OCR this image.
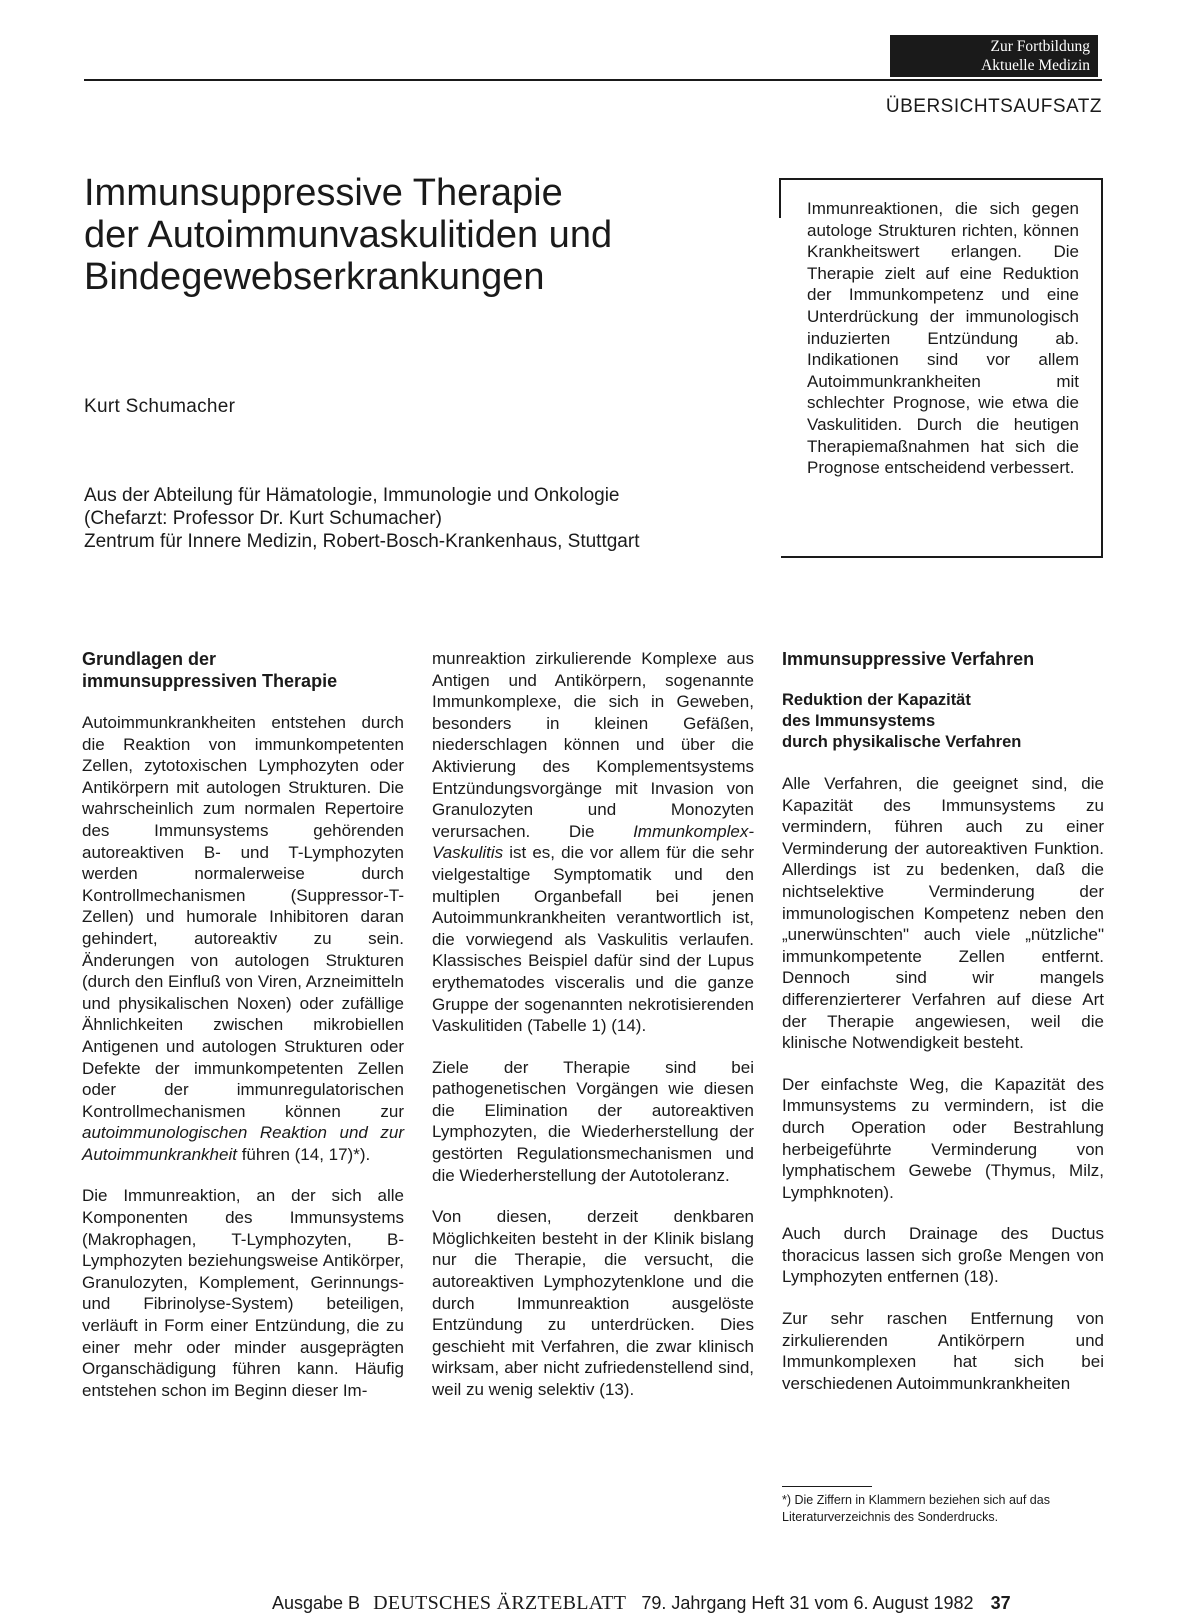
Zur Fortbildung
Aktuelle Medizin
ÜBERSICHTSAUFSATZ
Immunsuppressive Therapie
der Autoimmunvaskulitiden und
Bindegewebserkrankungen
Kurt Schumacher
Aus der Abteilung für Hämatologie, Immunologie und Onkologie
(Chefarzt: Professor Dr. Kurt Schumacher)
Zentrum für Innere Medizin, Robert-Bosch-Krankenhaus, Stuttgart
Immunreaktionen, die sich gegen autologe Strukturen richten, können Krankheitswert erlangen. Die Therapie zielt auf eine Reduktion der Immunkompetenz und eine Unterdrückung der immunologisch induzierten Entzündung ab. Indikationen sind vor allem Autoimmunkrankheiten mit schlechter Prognose, wie etwa die Vaskulitiden. Durch die heutigen Therapiemaßnahmen hat sich die Prognose entscheidend verbessert.
Grundlagen der
immunsuppressiven Therapie

Autoimmunkrankheiten entstehen durch die Reaktion von immunkompetenten Zellen, zytotoxischen Lymphozyten oder Antikörpern mit autologen Strukturen. Die wahrscheinlich zum normalen Repertoire des Immunsystems gehörenden autoreaktiven B- und T-Lymphozyten werden normalerweise durch Kontrollmechanismen (Suppressor-T-Zellen) und humorale Inhibitoren daran gehindert, autoreaktiv zu sein. Änderungen von autologen Strukturen (durch den Einfluß von Viren, Arzneimitteln und physikalischen Noxen) oder zufällige Ähnlichkeiten zwischen mikrobiellen Antigenen und autologen Strukturen oder Defekte der immunkompetenten Zellen oder der immunregulatorischen Kontrollmechanismen können zur autoimmunologischen Reaktion und zur Autoimmunkrankheit führen (14, 17)*).

Die Immunreaktion, an der sich alle Komponenten des Immunsystems (Makrophagen, T-Lymphozyten, B-Lymphozyten beziehungsweise Antikörper, Granulozyten, Komplement, Gerinnungs- und Fibrinolyse-System) beteiligen, verläuft in Form einer Entzündung, die zu einer mehr oder minder ausgeprägten Organschädigung führen kann. Häufig entstehen schon im Beginn dieser Im-

munreaktion zirkulierende Komplexe aus Antigen und Antikörpern, sogenannte Immunkomplexe, die sich in Geweben, besonders in kleinen Gefäßen, niederschlagen können und über die Aktivierung des Komplementsystems Entzündungsvorgänge mit Invasion von Granulozyten und Monozyten verursachen. Die Immunkomplex-Vaskulitis ist es, die vor allem für die sehr vielgestaltige Symptomatik und den multiplen Organbefall bei jenen Autoimmunkrankheiten verantwortlich ist, die vorwiegend als Vaskulitis verlaufen. Klassisches Beispiel dafür sind der Lupus erythematodes visceralis und die ganze Gruppe der sogenannten nekrotisierenden Vaskulitiden (Tabelle 1) (14).

Ziele der Therapie sind bei pathogenetischen Vorgängen wie diesen die Elimination der autoreaktiven Lymphozyten, die Wiederherstellung der gestörten Regulationsmechanismen und die Wiederherstellung der Autotoleranz.

Von diesen, derzeit denkbaren Möglichkeiten besteht in der Klinik bislang nur die Therapie, die versucht, die autoreaktiven Lymphozytenklone und die durch Immunreaktion ausgelöste Entzündung zu unterdrücken. Dies geschieht mit Verfahren, die zwar klinisch wirksam, aber nicht zufriedenstellend sind, weil zu wenig selektiv (13).

Immunsuppressive Verfahren
Reduktion der Kapazität
des Immunsystems
durch physikalische Verfahren

Alle Verfahren, die geeignet sind, die Kapazität des Immunsystems zu vermindern, führen auch zu einer Verminderung der autoreaktiven Funktion. Allerdings ist zu bedenken, daß die nichtselektive Verminderung der immunologischen Kompetenz neben den „unerwünschten" auch viele „nützliche" immunkompetente Zellen entfernt. Dennoch sind wir mangels differenzierterer Verfahren auf diese Art der Therapie angewiesen, weil die klinische Notwendigkeit besteht.

Der einfachste Weg, die Kapazität des Immunsystems zu vermindern, ist die durch Operation oder Bestrahlung herbeigeführte Verminderung von lymphatischem Gewebe (Thymus, Milz, Lymphknoten).

Auch durch Drainage des Ductus thoracicus lassen sich große Mengen von Lymphozyten entfernen (18).

Zur sehr raschen Entfernung von zirkulierenden Antikörpern und Immunkomplexen hat sich bei verschiedenen Autoimmunkrankheiten

*) Die Ziffern in Klammern beziehen sich auf das Literaturverzeichnis des Sonderdrucks.
Ausgabe B DEUTSCHES ÄRZTEBLATT 79. Jahrgang Heft 31 vom 6. August 1982 37
